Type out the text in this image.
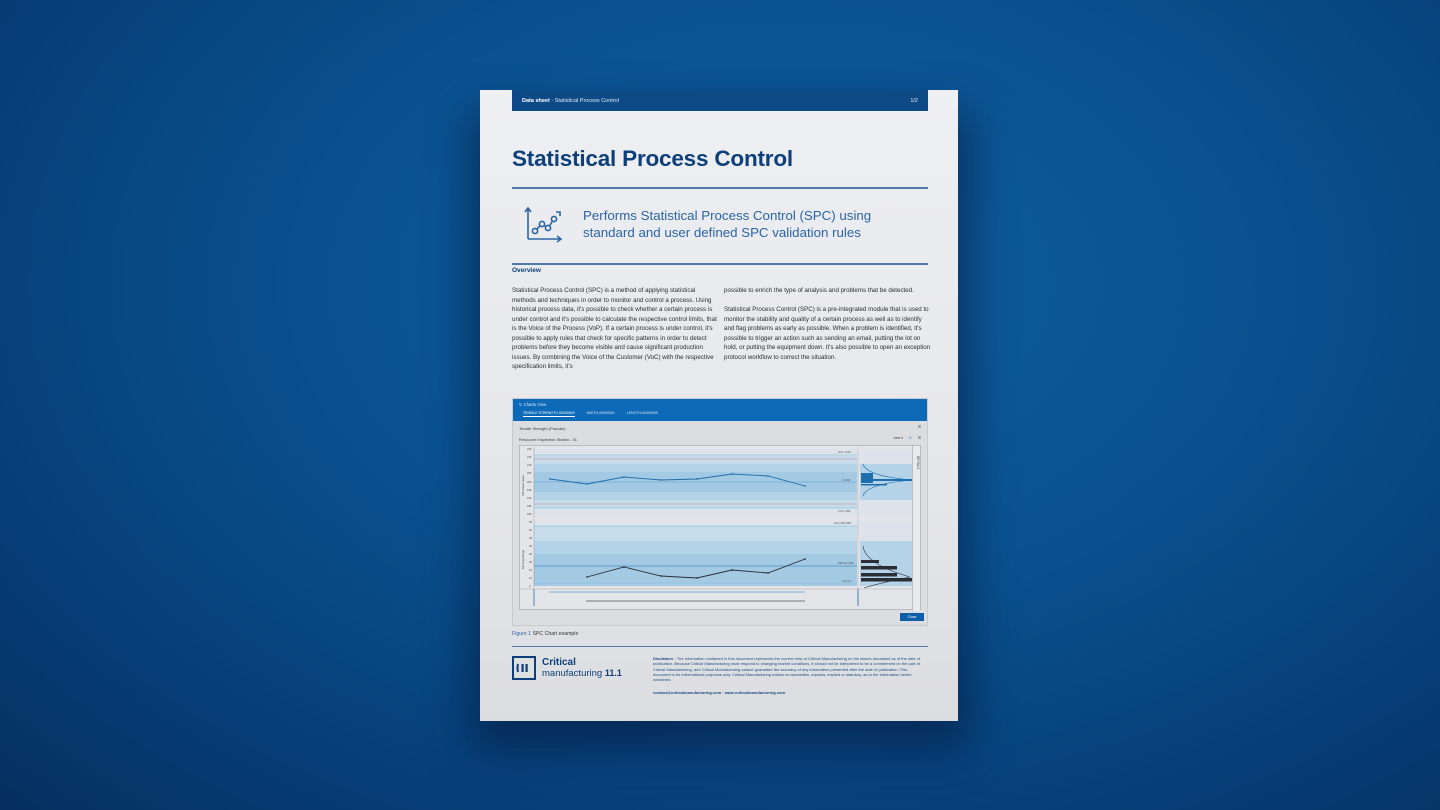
Data sheet · Statistical Process Control	1/2
Statistical Process Control
Performs Statistical Process Control (SPC) using
standard and user defined SPC validation rules
Overview

Statistical Process Control (SPC) is a method of applying statistical methods and techniques in order to monitor and control a process. Using historical process data, it's possible to check whether a certain process is under control and it's possible to calculate the respective control limits, that is the Voice of the Process (VoP). If a certain process is under control, it's possible to apply rules that check for specific patterns in order to detect problems before they become visible and cause significant production issues. By combining the Voice of the Customer (VoC) with the respective specification limits, it's

possible to enrich the type of analysis and problems that be detected.

Statistical Process Control (SPC) is a pre-integrated module that is used to monitor the stability and quality of a certain process as well as to identify and flag problems as early as possible. When a problem is identified, it's possible to trigger an action such as sending an email, putting the lot on hold, or putting the equipment down. It's also possible to open an exception protocol workflow to correct the situation.

↻ Charts View
TENSILE STRENGTH-00000009	WIDTH-00000001	LENGTH-00000009
Tensile Strength (Pascals)	☰
Resource Inspection Station - 01	view ▾ ↻ ☰
UCL=210
x=200
LCL=190
Individual Value
220
215
210
205
200
195
190
185
180
UCL=39.998
MR=11.288
LCL=0
Moving Range
45
40
35
30
25
20
15
10
0
DETAILS
Close
Figure 1 SPC Chart example
Critical
manufacturing 11.1
Disclaimer - The information contained in this document represents the current view of Critical Manufacturing on the issues discussed as of the date of publication. Because Critical Manufacturing must respond to changing market conditions, it should not be interpreted to be a commitment on the part of Critical Manufacturing, and Critical Manufacturing cannot guarantee the accuracy of any information presented after the date of publication. This document is for informational purposes only. Critical Manufacturing makes no warranties, express, implied or statutory, as to the information herein contained.
contact@criticalmanufacturing.com · www.criticalmanufacturing.com
